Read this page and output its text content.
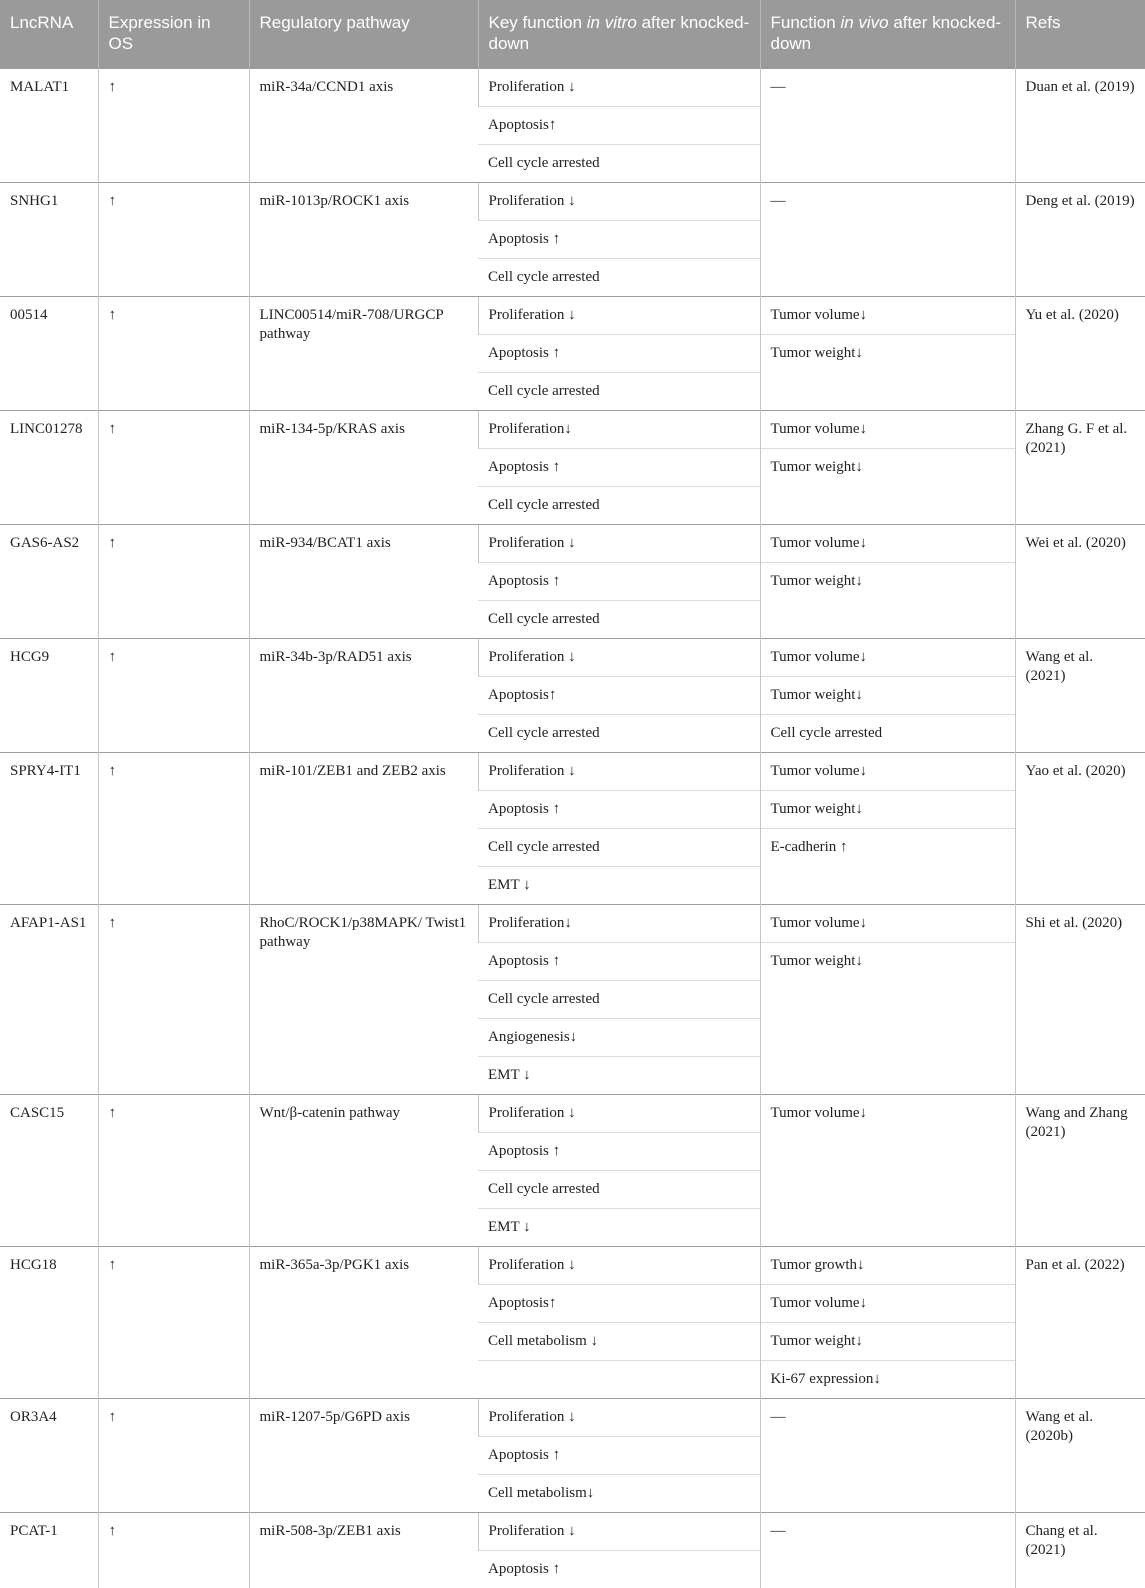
LncRNA	Expression in OS	Regulatory pathway	Key function in vitro after knocked-down	Function in vivo after knocked-down	Refs
MALAT1	↑	miR-34a/CCND1 axis	Proliferation ↓	—	Duan et al. (2019)
			Apoptosis↑		
			Cell cycle arrested		
SNHG1	↑	miR-1013p/ROCK1 axis	Proliferation ↓	—	Deng et al. (2019)
			Apoptosis ↑		
			Cell cycle arrested		
00514	↑	LINC00514/miR-708/URGCP pathway	Proliferation ↓	Tumor volume↓	Yu et al. (2020)
			Apoptosis ↑	Tumor weight↓	
			Cell cycle arrested		
LINC01278	↑	miR-134-5p/KRAS axis	Proliferation↓	Tumor volume↓	Zhang G. F et al. (2021)
			Apoptosis ↑	Tumor weight↓	
			Cell cycle arrested		
GAS6-AS2	↑	miR-934/BCAT1 axis	Proliferation ↓	Tumor volume↓	Wei et al. (2020)
			Apoptosis ↑	Tumor weight↓	
			Cell cycle arrested		
HCG9	↑	miR-34b-3p/RAD51 axis	Proliferation ↓	Tumor volume↓	Wang et al. (2021)
			Apoptosis↑	Tumor weight↓	
			Cell cycle arrested	Cell cycle arrested	
SPRY4-IT1	↑	miR-101/ZEB1 and ZEB2 axis	Proliferation ↓	Tumor volume↓	Yao et al. (2020)
			Apoptosis ↑	Tumor weight↓	
			Cell cycle arrested	E-cadherin ↑	
			EMT ↓		
AFAP1-AS1	↑	RhoC/ROCK1/p38MAPK/ Twist1 pathway	Proliferation↓	Tumor volume↓	Shi et al. (2020)
			Apoptosis ↑	Tumor weight↓	
			Cell cycle arrested		
			Angiogenesis↓		
			EMT ↓		
CASC15	↑	Wnt/β-catenin pathway	Proliferation ↓	Tumor volume↓	Wang and Zhang (2021)
			Apoptosis ↑		
			Cell cycle arrested		
			EMT ↓		
HCG18	↑	miR-365a-3p/PGK1 axis	Proliferation ↓	Tumor growth↓	Pan et al. (2022)
			Apoptosis↑	Tumor volume↓	
			Cell metabolism ↓	Tumor weight↓	
				Ki-67 expression↓	
OR3A4	↑	miR-1207-5p/G6PD axis	Proliferation ↓	—	Wang et al. (2020b)
			Apoptosis ↑		
			Cell metabolism↓		
PCAT-1	↑	miR-508-3p/ZEB1 axis	Proliferation ↓	—	Chang et al. (2021)
			Apoptosis ↑		
